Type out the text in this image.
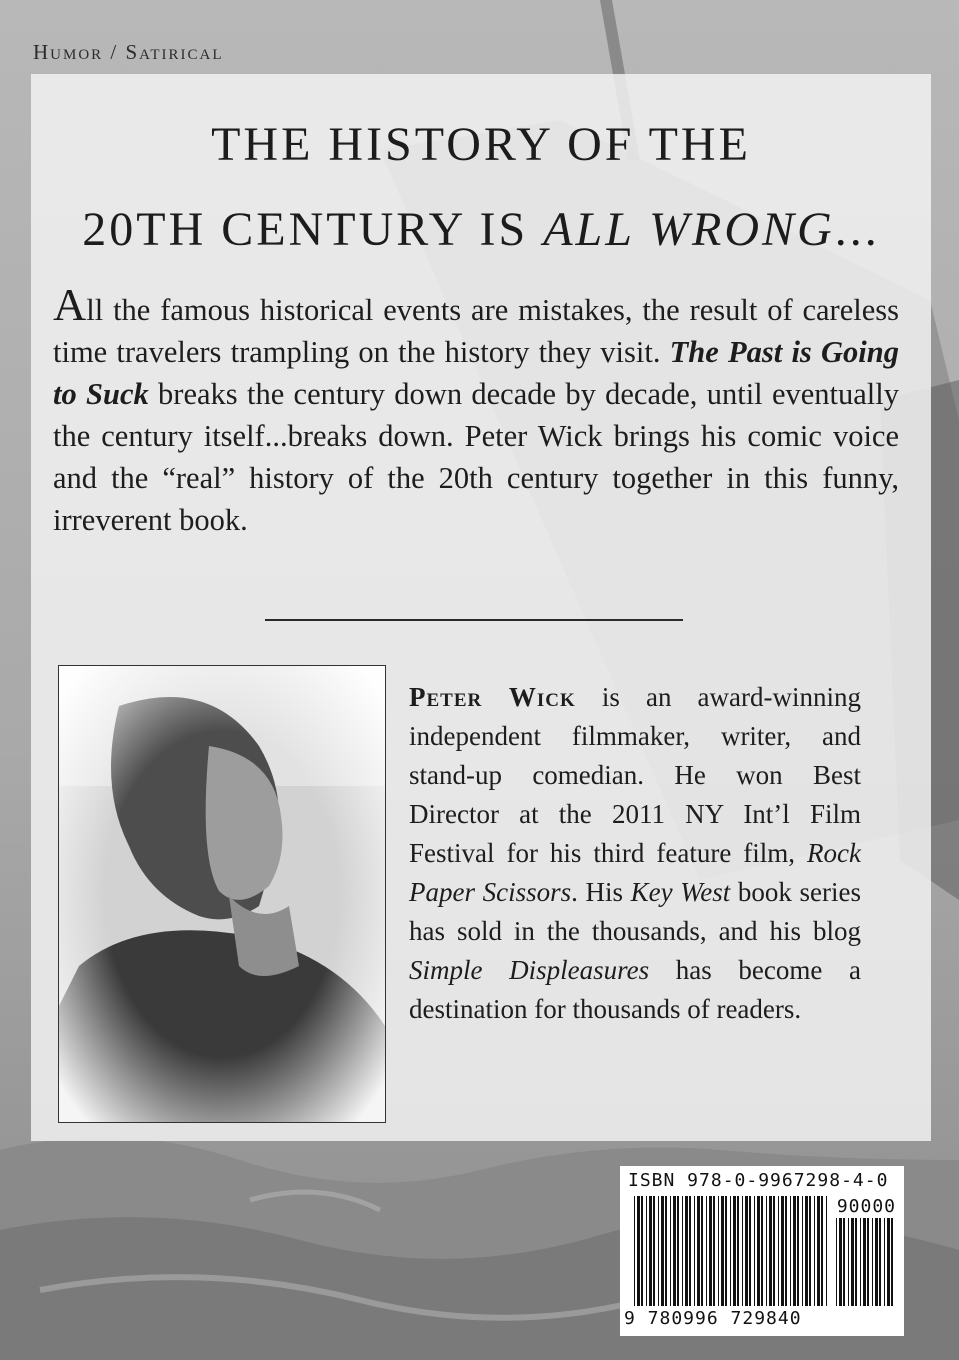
Humor / Satirical
THE HISTORY OF THE
20TH CENTURY IS ALL WRONG...

All the famous historical events are mistakes, the result of careless time travelers trampling on the history they visit. The Past is Going to Suck breaks the century down decade by decade, until eventually the century itself...breaks down. Peter Wick brings his comic voice and the “real” history of the 20th century together in this funny, irreverent book.

Peter Wick is an award-winning independent filmmaker, writer, and stand-up comedian. He won Best Director at the 2011 NY Int’l Film Festival for his third feature film, Rock Paper Scissors. His Key West book series has sold in the thousands, and his blog Simple Displeasures has become a destination for thousands of readers.

ISBN 978-0-9967298-4-0
90000
9 780996 729840
